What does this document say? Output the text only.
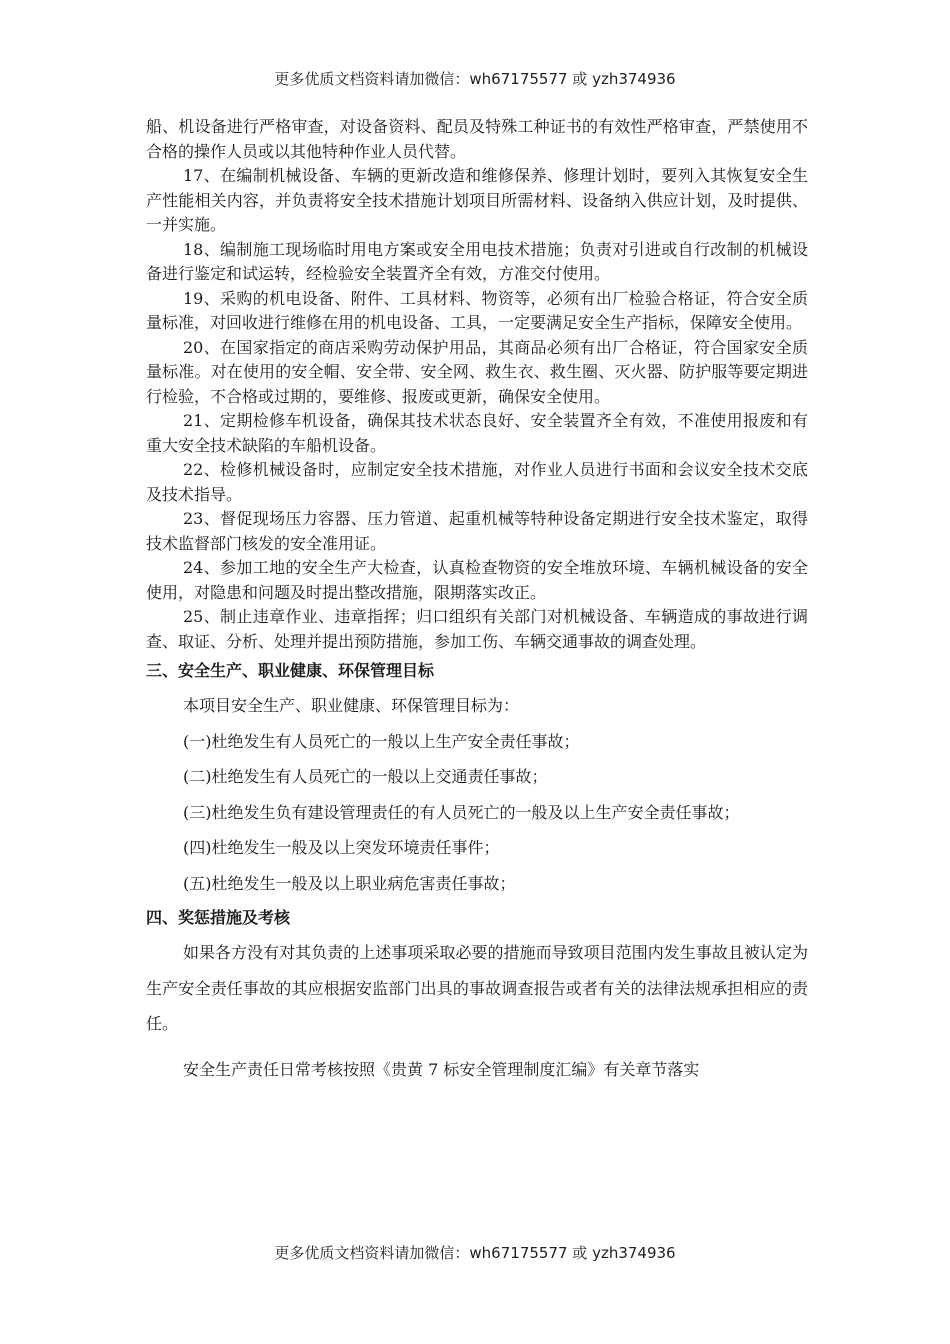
更多优质文档资料请加微信：wh67175577 或 yzh374936

船、机设备进行严格审查，对设备资料、配员及特殊工种证书的有效性严格审查，严禁使用不合格的操作人员或以其他特种作业人员代替。

17、在编制机械设备、车辆的更新改造和维修保养、修理计划时，要列入其恢复安全生产性能相关内容，并负责将安全技术措施计划项目所需材料、设备纳入供应计划，及时提供、一并实施。

18、编制施工现场临时用电方案或安全用电技术措施；负责对引进或自行改制的机械设备进行鉴定和试运转，经检验安全装置齐全有效，方准交付使用。

19、采购的机电设备、附件、工具材料、物资等，必须有出厂检验合格证，符合安全质量标准，对回收进行维修在用的机电设备、工具，一定要满足安全生产指标，保障安全使用。

20、在国家指定的商店采购劳动保护用品，其商品必须有出厂合格证，符合国家安全质量标准。对在使用的安全帽、安全带、安全网、救生衣、救生圈、灭火器、防护服等要定期进行检验，不合格或过期的，要维修、报废或更新，确保安全使用。

21、定期检修车机设备，确保其技术状态良好、安全装置齐全有效，不准使用报废和有重大安全技术缺陷的车船机设备。

22、检修机械设备时，应制定安全技术措施，对作业人员进行书面和会议安全技术交底及技术指导。

23、督促现场压力容器、压力管道、起重机械等特种设备定期进行安全技术鉴定，取得技术监督部门核发的安全准用证。

24、参加工地的安全生产大检查，认真检查物资的安全堆放环境、车辆机械设备的安全使用，对隐患和问题及时提出整改措施，限期落实改正。

25、制止违章作业、违章指挥；归口组织有关部门对机械设备、车辆造成的事故进行调查、取证、分析、处理并提出预防措施，参加工伤、车辆交通事故的调查处理。

三、安全生产、职业健康、环保管理目标

本项目安全生产、职业健康、环保管理目标为：

(一)杜绝发生有人员死亡的一般以上生产安全责任事故；

(二)杜绝发生有人员死亡的一般以上交通责任事故；

(三)杜绝发生负有建设管理责任的有人员死亡的一般及以上生产安全责任事故；

(四)杜绝发生一般及以上突发环境责任事件；

(五)杜绝发生一般及以上职业病危害责任事故；

四、奖惩措施及考核

如果各方没有对其负责的上述事项采取必要的措施而导致项目范围内发生事故且被认定为生产安全责任事故的其应根据安监部门出具的事故调查报告或者有关的法律法规承担相应的责任。

安全生产责任日常考核按照《贵黄 7 标安全管理制度汇编》有关章节落实

更多优质文档资料请加微信：wh67175577 或 yzh374936
